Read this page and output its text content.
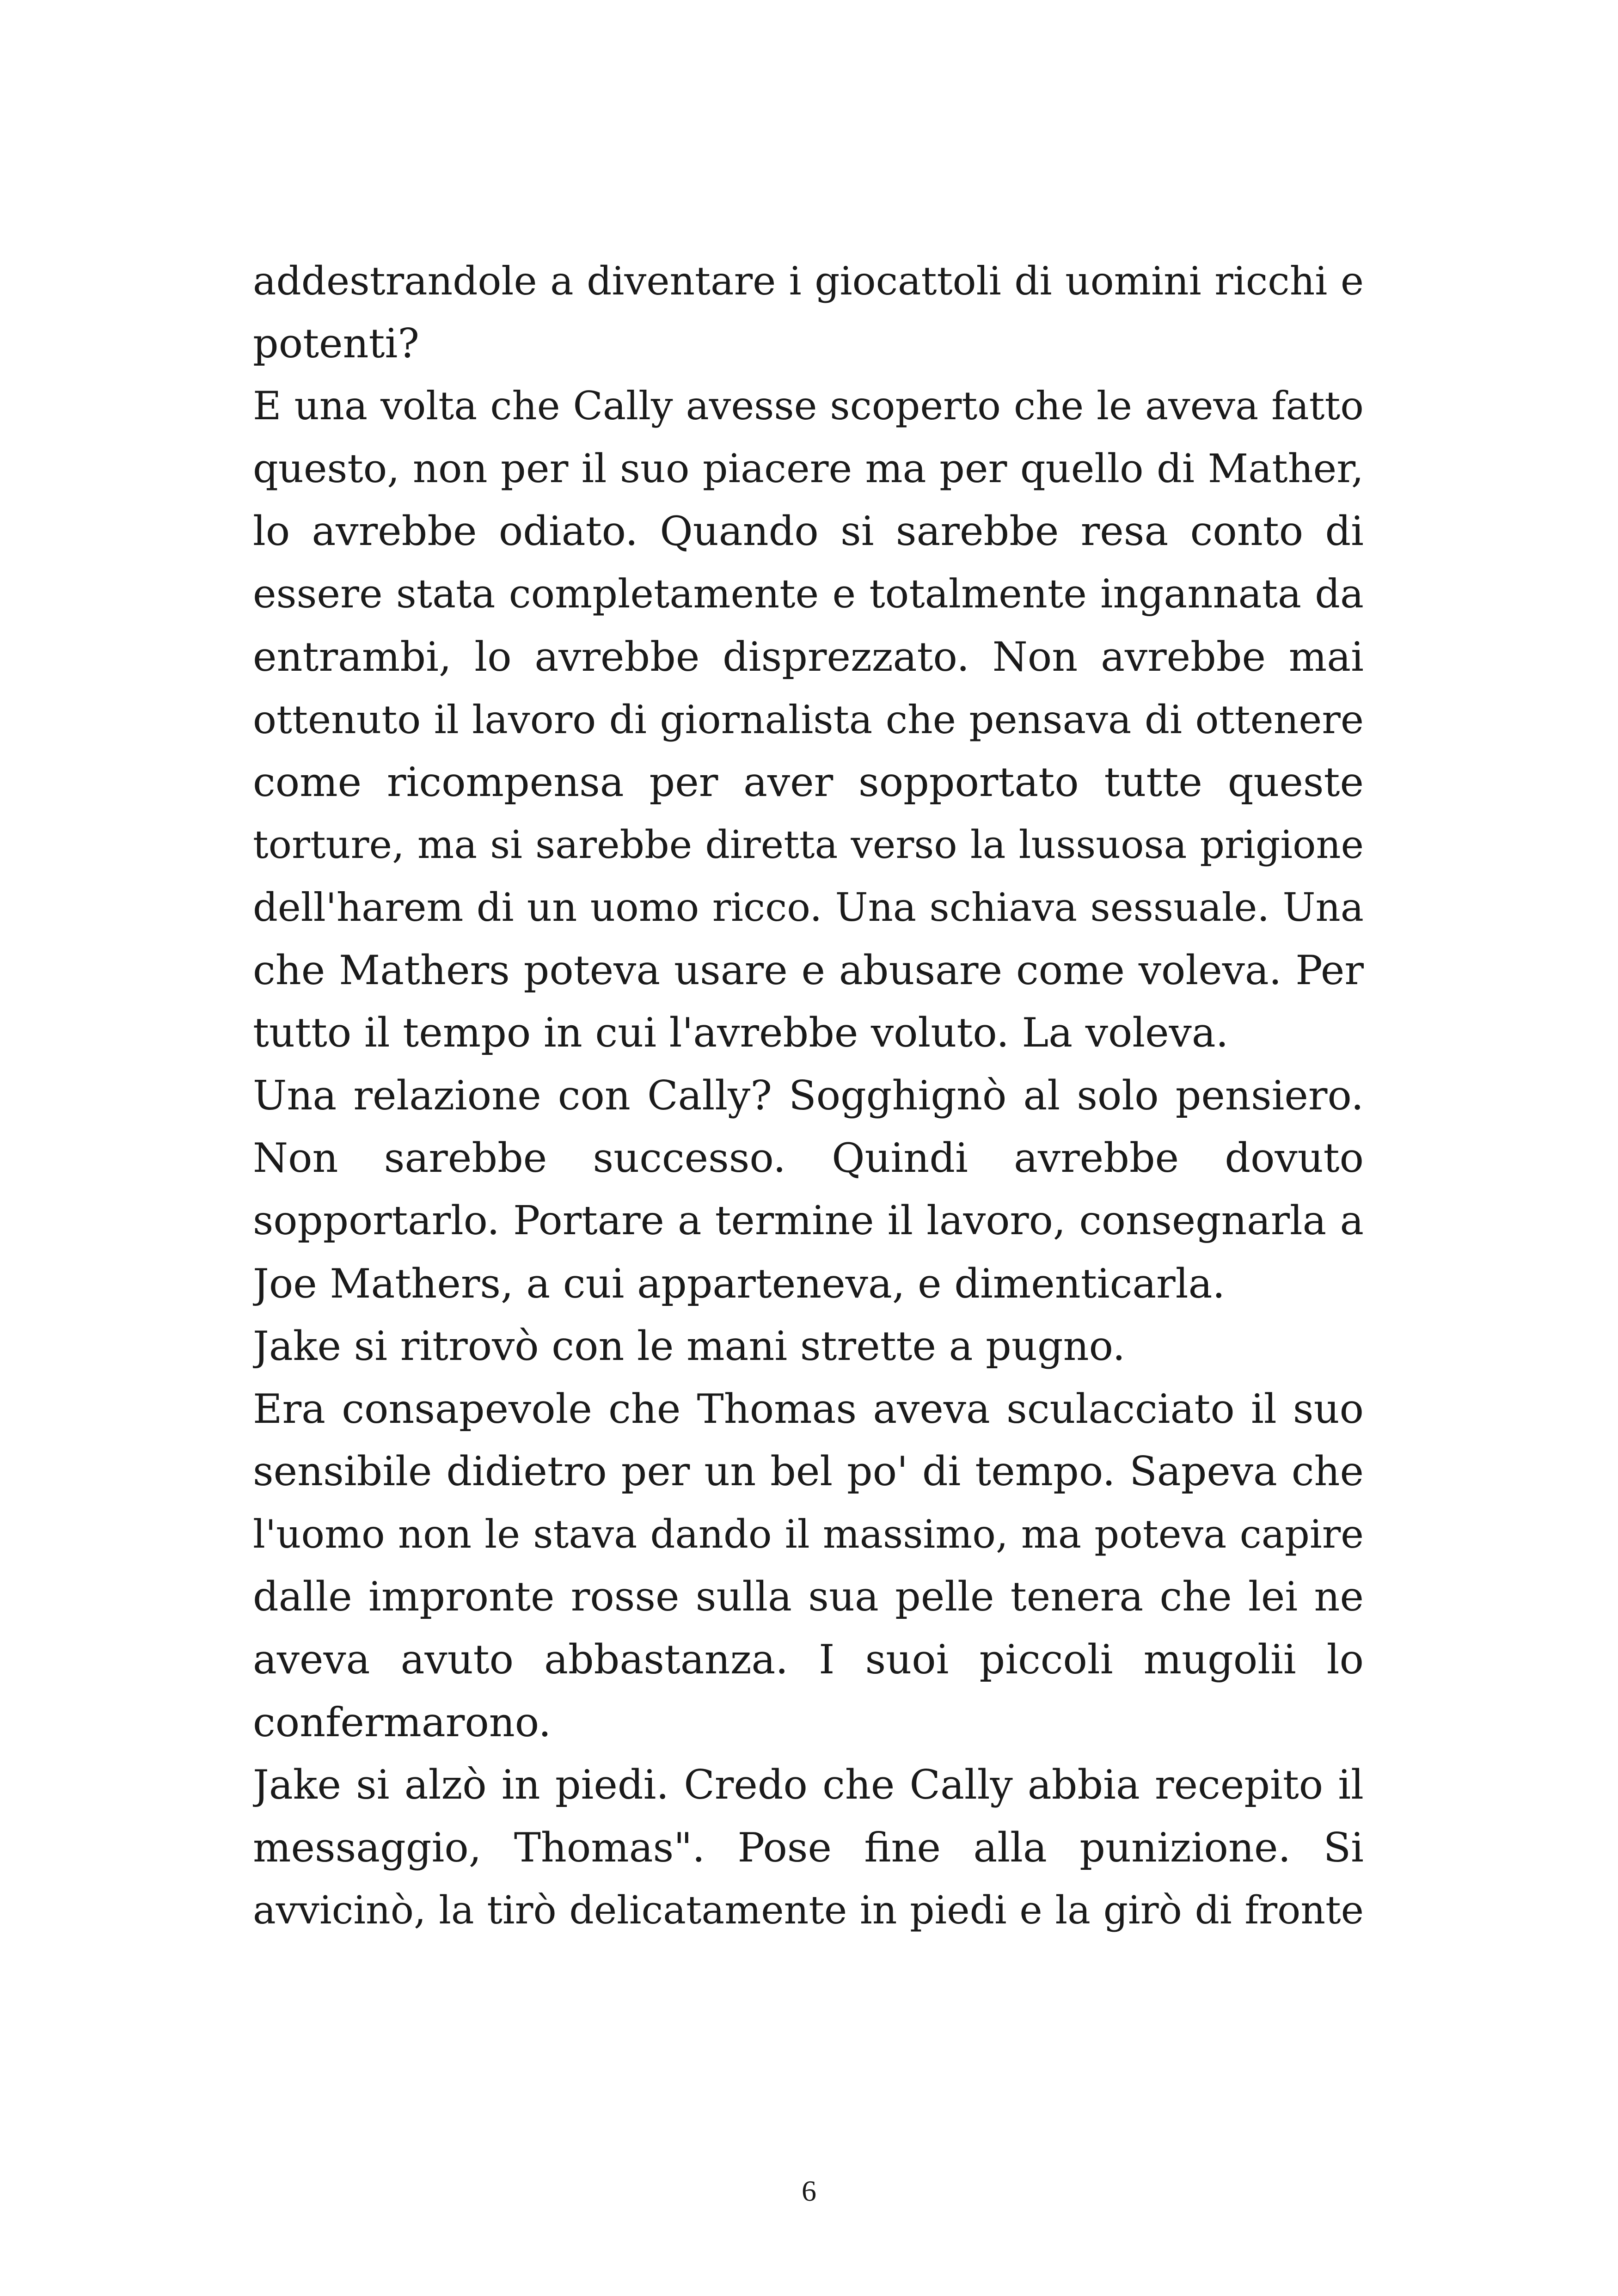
addestrandole a diventare i giocattoli di uomini ricchi e
potenti?
E una volta che Cally avesse scoperto che le aveva fatto
questo, non per il suo piacere ma per quello di Mather,
lo avrebbe odiato. Quando si sarebbe resa conto di
essere stata completamente e totalmente ingannata da
entrambi, lo avrebbe disprezzato. Non avrebbe mai
ottenuto il lavoro di giornalista che pensava di ottenere
come ricompensa per aver sopportato tutte queste
torture, ma si sarebbe diretta verso la lussuosa prigione
dell'harem di un uomo ricco. Una schiava sessuale. Una
che Mathers poteva usare e abusare come voleva. Per
tutto il tempo in cui l'avrebbe voluto. La voleva.
Una relazione con Cally? Sogghignò al solo pensiero.
Non sarebbe successo. Quindi avrebbe dovuto
sopportarlo. Portare a termine il lavoro, consegnarla a
Joe Mathers, a cui apparteneva, e dimenticarla.
Jake si ritrovò con le mani strette a pugno.
Era consapevole che Thomas aveva sculacciato il suo
sensibile didietro per un bel po' di tempo. Sapeva che
l'uomo non le stava dando il massimo, ma poteva capire
dalle impronte rosse sulla sua pelle tenera che lei ne
aveva avuto abbastanza. I suoi piccoli mugolii lo
confermarono.
Jake si alzò in piedi. Credo che Cally abbia recepito il
messaggio, Thomas". Pose fine alla punizione. Si
avvicinò, la tirò delicatamente in piedi e la girò di fronte
6
